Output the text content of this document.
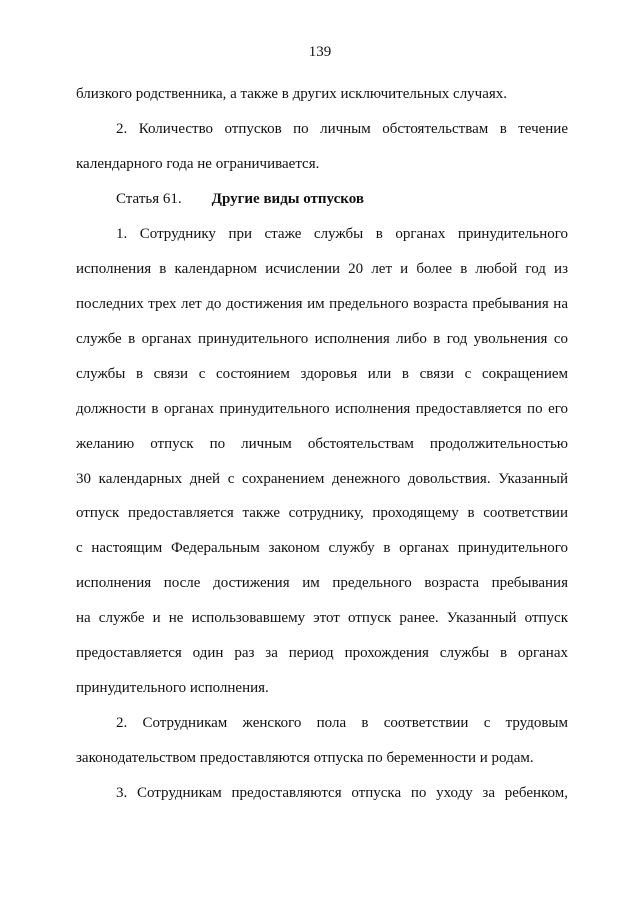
139
близкого родственника, а также в других исключительных случаях.
2. Количество отпусков по личным обстоятельствам в течение
календарного года не ограничивается.
Статья 61. Другие виды отпусков
1. Сотруднику при стаже службы в органах принудительного
исполнения в календарном исчислении 20 лет и более в любой год из
последних трех лет до достижения им предельного возраста пребывания на
службе в органах принудительного исполнения либо в год увольнения со
службы в связи с состоянием здоровья или в связи с сокращением
должности в органах принудительного исполнения предоставляется по его
желанию отпуск по личным обстоятельствам продолжительностью
30 календарных дней с сохранением денежного довольствия. Указанный
отпуск предоставляется также сотруднику, проходящему в соответствии
с настоящим Федеральным законом службу в органах принудительного
исполнения после достижения им предельного возраста пребывания
на службе и не использовавшему этот отпуск ранее. Указанный отпуск
предоставляется один раз за период прохождения службы в органах
принудительного исполнения.
2. Сотрудникам женского пола в соответствии с трудовым
законодательством предоставляются отпуска по беременности и родам.
3. Сотрудникам предоставляются отпуска по уходу за ребенком,
